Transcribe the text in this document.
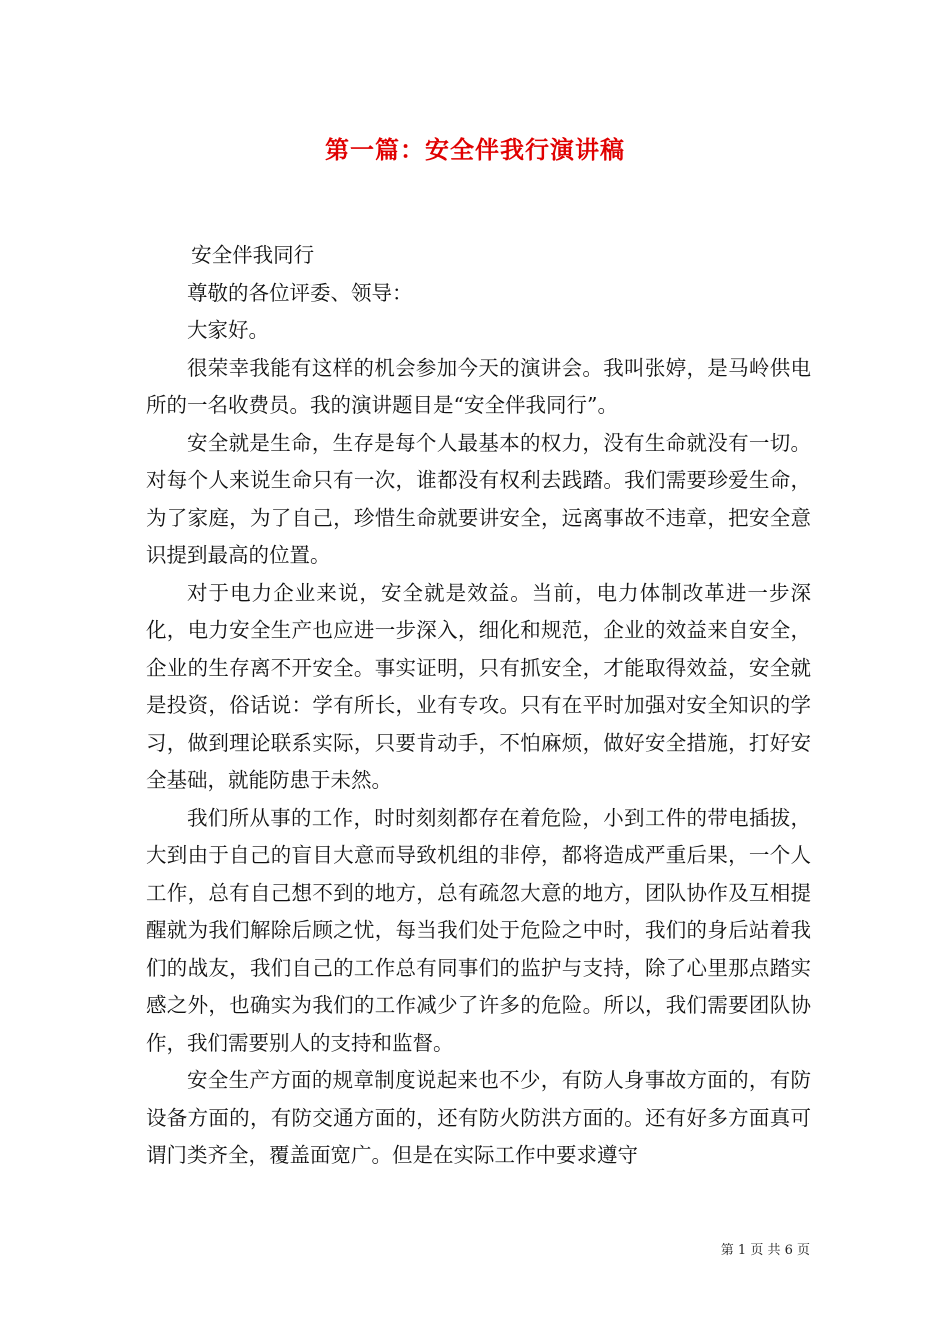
第一篇：安全伴我行演讲稿

安全伴我同行

尊敬的各位评委、领导：

大家好。

很荣幸我能有这样的机会参加今天的演讲会。我叫张婷，是马岭供电所的一名收费员。我的演讲题目是“安全伴我同行”。

安全就是生命，生存是每个人最基本的权力，没有生命就没有一切。对每个人来说生命只有一次，谁都没有权利去践踏。我们需要珍爱生命，为了家庭，为了自己，珍惜生命就要讲安全，远离事故不违章，把安全意识提到最高的位置。

对于电力企业来说，安全就是效益。当前，电力体制改革进一步深化，电力安全生产也应进一步深入，细化和规范，企业的效益来自安全，企业的生存离不开安全。事实证明，只有抓安全，才能取得效益，安全就是投资，俗话说：学有所长，业有专攻。只有在平时加强对安全知识的学习，做到理论联系实际，只要肯动手，不怕麻烦，做好安全措施，打好安全基础，就能防患于未然。

我们所从事的工作，时时刻刻都存在着危险，小到工件的带电插拔，大到由于自己的盲目大意而导致机组的非停，都将造成严重后果，一个人工作，总有自己想不到的地方，总有疏忽大意的地方，团队协作及互相提醒就为我们解除后顾之忧，每当我们处于危险之中时，我们的身后站着我们的战友，我们自己的工作总有同事们的监护与支持，除了心里那点踏实感之外，也确实为我们的工作减少了许多的危险。所以，我们需要团队协作，我们需要别人的支持和监督。

安全生产方面的规章制度说起来也不少，有防人身事故方面的，有防设备方面的，有防交通方面的，还有防火防洪方面的。还有好多方面真可谓门类齐全，覆盖面宽广。但是在实际工作中要求遵守

第 1 页 共 6 页
